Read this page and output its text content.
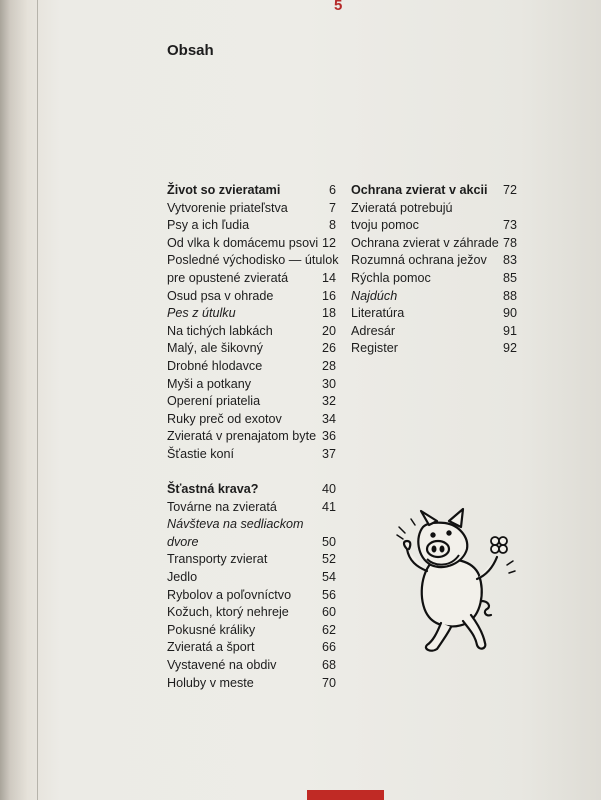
5
Obsah
Život so zvieratami	6
Vytvorenie priateľstva	7
Psy a ich ľudia	8
Od vlka k domácemu psovi 12
Posledné východisko — útulok
pre opustené zvieratá	14
Osud psa v ohrade	16
Pes z útulku	18
Na tichých labkách	20
Malý, ale šikovný	26
Drobné hlodavce	28
Myši a potkany	30
Operení priatelia	32
Ruky preč od exotov	34
Zvieratá v prenajatom byte 36
Šťastie koní	37
Šťastná krava?	40
Továrne na zvieratá	41
Návšteva na sedliackom
dvore	50
Transporty zvierat	52
Jedlo	54
Rybolov a poľovníctvo 56
Kožuch, ktorý nehreje	60
Pokusné králiky	62
Zvieratá a šport	66
Vystavené na obdiv	68
Holuby v meste	70
Ochrana zvierat v akcii 72
Zvieratá potrebujú
tvoju pomoc	73
Ochrana zvierat v záhrade 78
Rozumná ochrana ježov 83
Rýchla pomoc	85
Najdúch	88
Literatúra	90
Adresár	91
Register	92
